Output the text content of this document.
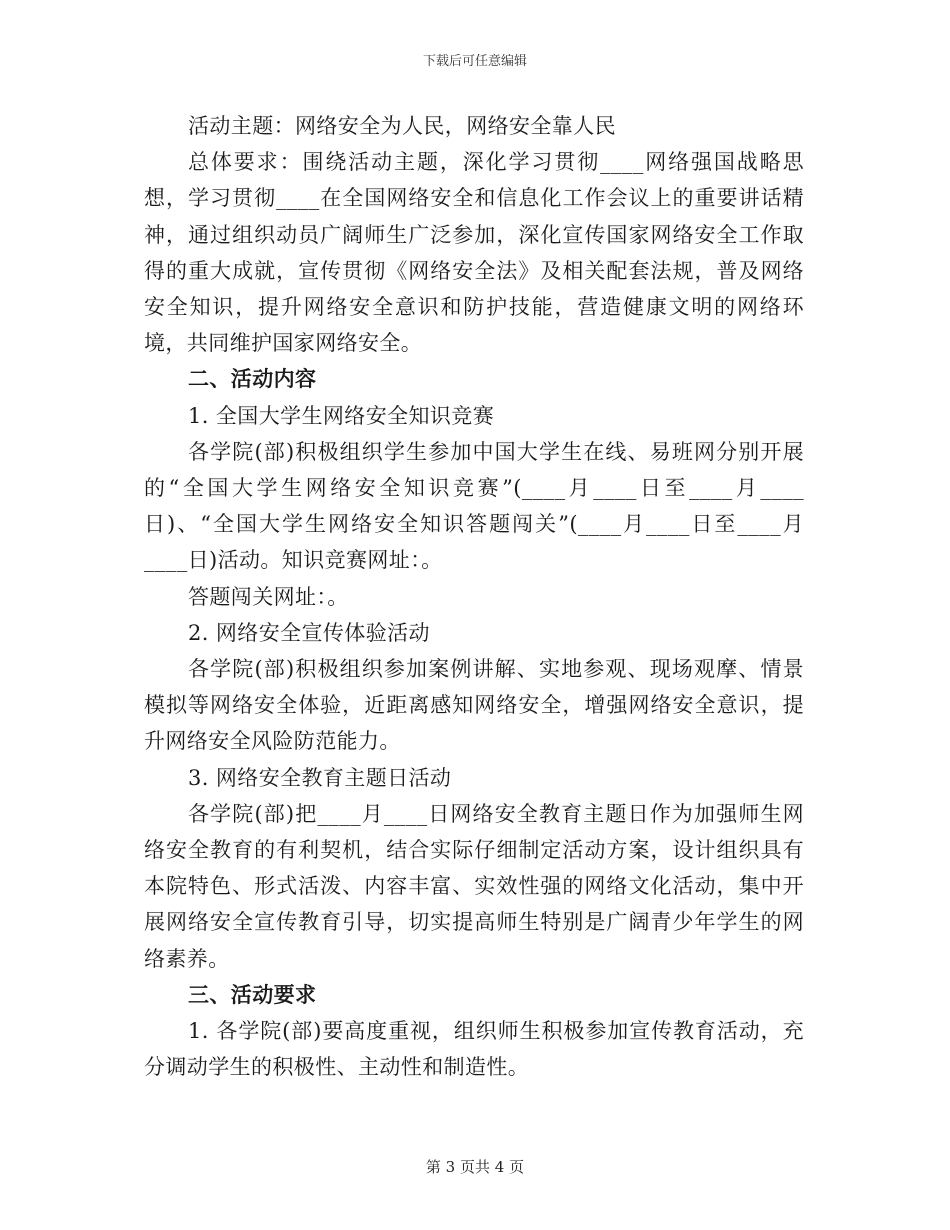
下载后可任意编辑

活动主题：网络安全为人民，网络安全靠人民

总体要求：围绕活动主题，深化学习贯彻____网络强国战略思想，学习贯彻____在全国网络安全和信息化工作会议上的重要讲话精神，通过组织动员广阔师生广泛参加，深化宣传国家网络安全工作取得的重大成就，宣传贯彻《网络安全法》及相关配套法规，普及网络安全知识，提升网络安全意识和防护技能，营造健康文明的网络环境，共同维护国家网络安全。

二、活动内容

1. 全国大学生网络安全知识竞赛

各学院(部)积极组织学生参加中国大学生在线、易班网分别开展的“全国大学生网络安全知识竞赛”(____月____日至____月____日)、“全国大学生网络安全知识答题闯关”(____月____日至____月____日)活动。知识竞赛网址：。

答题闯关网址：。

2. 网络安全宣传体验活动

各学院(部)积极组织参加案例讲解、实地参观、现场观摩、情景模拟等网络安全体验，近距离感知网络安全，增强网络安全意识，提升网络安全风险防范能力。

3. 网络安全教育主题日活动

各学院(部)把____月____日网络安全教育主题日作为加强师生网络安全教育的有利契机，结合实际仔细制定活动方案，设计组织具有本院特色、形式活泼、内容丰富、实效性强的网络文化活动，集中开展网络安全宣传教育引导，切实提高师生特别是广阔青少年学生的网络素养。

三、活动要求

1. 各学院(部)要高度重视，组织师生积极参加宣传教育活动，充分调动学生的积极性、主动性和制造性。

第 3 页共 4 页
